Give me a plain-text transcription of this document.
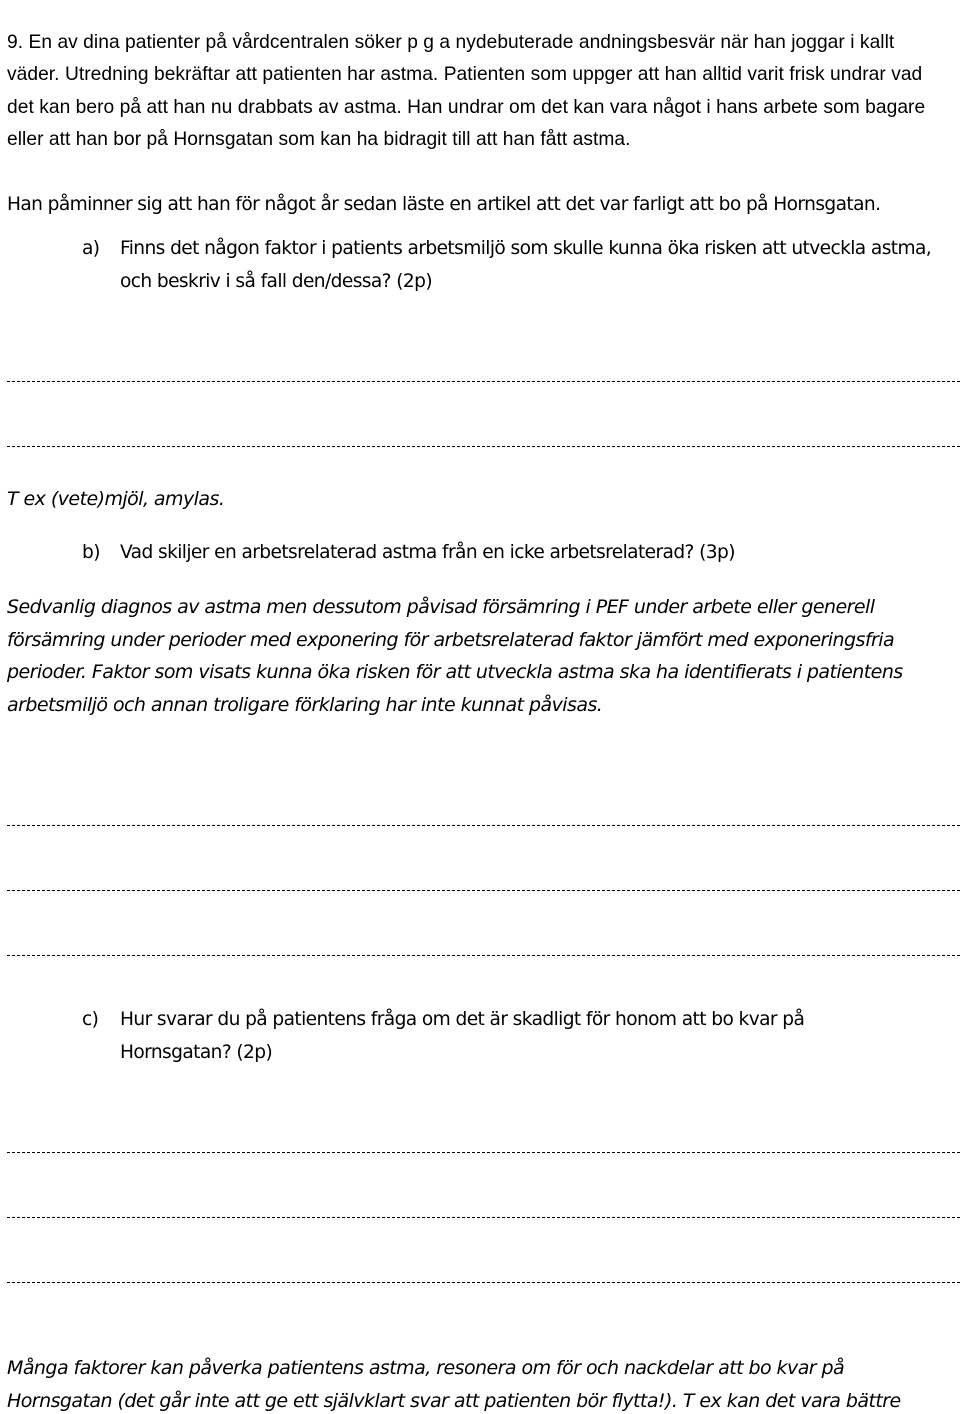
9. En av dina patienter på vårdcentralen söker p g a nydebuterade andningsbesvär när han joggar i kallt väder. Utredning bekräftar att patienten har astma. Patienten som uppger att han alltid varit frisk undrar vad det kan bero på att han nu drabbats av astma. Han undrar om det kan vara något i hans arbete som bagare eller att han bor på Hornsgatan som kan ha bidragit till att han fått astma.

Han påminner sig att han för något år sedan läste en artikel att det var farligt att bo på Hornsgatan.

a) Finns det någon faktor i patients arbetsmiljö som skulle kunna öka risken att utveckla astma, och beskriv i så fall den/dessa? (2p)
T ex (vete)mjöl, amylas.
b) Vad skiljer en arbetsrelaterad astma från en icke arbetsrelaterad? (3p)
Sedvanlig diagnos av astma men dessutom påvisad försämring i PEF under arbete eller generell försämring under perioder med exponering för arbetsrelaterad faktor jämfört med exponeringsfria perioder. Faktor som visats kunna öka risken för att utveckla astma ska ha identifierats i patientens arbetsmiljö och annan troligare förklaring har inte kunnat påvisas.
c) Hur svarar du på patientens fråga om det är skadligt för honom att bo kvar på Hornsgatan? (2p)
Många faktorer kan påverka patientens astma, resonera om för och nackdelar att bo kvar på Hornsgatan (det går inte att ge ett självklart svar att patienten bör flytta!). T ex kan det vara bättre
